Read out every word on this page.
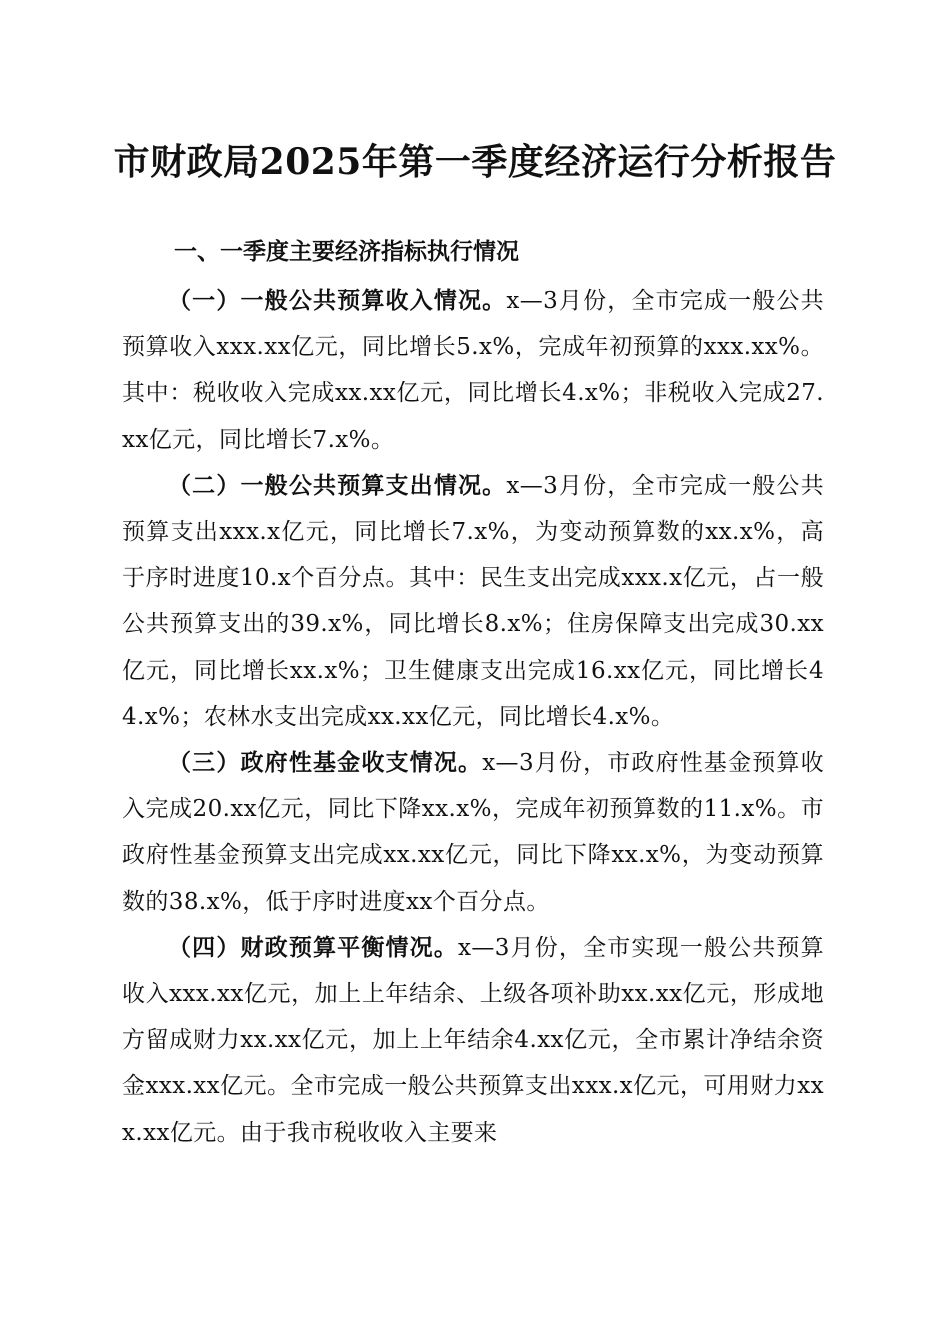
市财政局2025年第一季度经济运行分析报告
一、一季度主要经济指标执行情况

（一）一般公共预算收入情况。x—3月份，全市完成一般公共预算收入xxx.xx亿元，同比增长5.x%，完成年初预算的xxx.xx%。其中：税收收入完成xx.xx亿元，同比增长4.x%；非税收入完成27.xx亿元，同比增长7.x%。

（二）一般公共预算支出情况。x—3月份，全市完成一般公共预算支出xxx.x亿元，同比增长7.x%，为变动预算数的xx.x%，高于序时进度10.x个百分点。其中：民生支出完成xxx.x亿元，占一般公共预算支出的39.x%，同比增长8.x%；住房保障支出完成30.xx亿元，同比增长xx.x%；卫生健康支出完成16.xx亿元，同比增长44.x%；农林水支出完成xx.xx亿元，同比增长4.x%。

（三）政府性基金收支情况。x—3月份，市政府性基金预算收入完成20.xx亿元，同比下降xx.x%，完成年初预算数的11.x%。市政府性基金预算支出完成xx.xx亿元，同比下降xx.x%，为变动预算数的38.x%，低于序时进度xx个百分点。

（四）财政预算平衡情况。x—3月份，全市实现一般公共预算收入xxx.xx亿元，加上上年结余、上级各项补助xx.xx亿元，形成地方留成财力xx.xx亿元，加上上年结余4.xx亿元，全市累计净结余资金xxx.xx亿元。全市完成一般公共预算支出xxx.x亿元，可用财力xxx.xx亿元。由于我市税收收入主要来
